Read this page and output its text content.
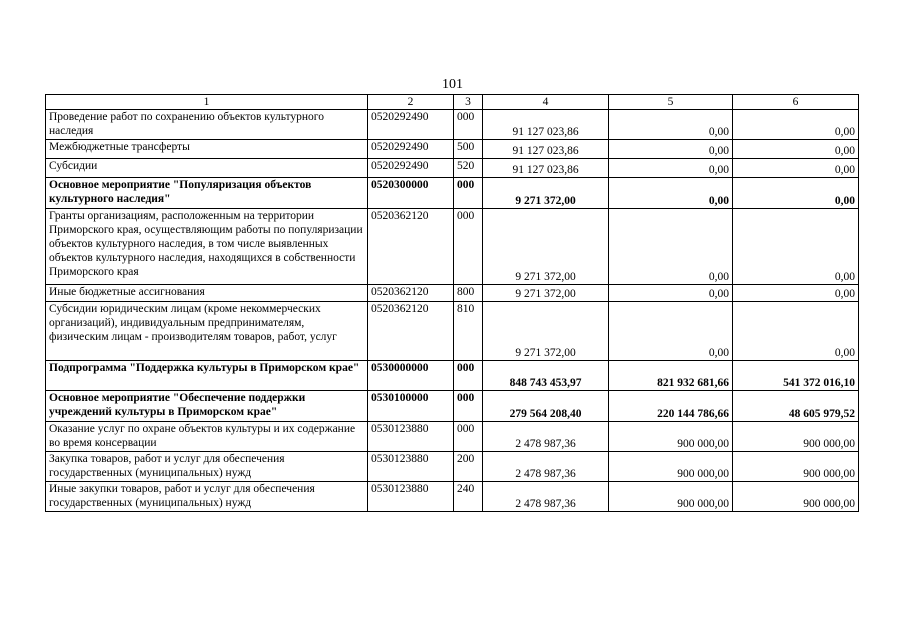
101
1	2	3	4	5	6
Проведение работ по сохранению объектов культурного наследия	0520292490	000	91 127 023,86	0,00	0,00
Межбюджетные трансферты	0520292490	500	91 127 023,86	0,00	0,00
Субсидии	0520292490	520	91 127 023,86	0,00	0,00
Основное мероприятие "Популяризация объектов культурного наследия"	0520300000	000	9 271 372,00	0,00	0,00
Гранты организациям, расположенным на территории Приморского края, осуществляющим работы по популяризации объектов культурного наследия, в том числе выявленных объектов культурного наследия, находящихся в собственности Приморского края	0520362120	000	9 271 372,00	0,00	0,00
Иные бюджетные ассигнования	0520362120	800	9 271 372,00	0,00	0,00
Субсидии юридическим лицам (кроме некоммерческих организаций), индивидуальным предпринимателям, физическим лицам - производителям товаров, работ, услуг	0520362120	810	9 271 372,00	0,00	0,00
Подпрограмма "Поддержка культуры в Приморском крае"	0530000000	000	848 743 453,97	821 932 681,66	541 372 016,10
Основное мероприятие "Обеспечение поддержки учреждений культуры в Приморском крае"	0530100000	000	279 564 208,40	220 144 786,66	48 605 979,52
Оказание услуг по охране объектов культуры и их содержание во время консервации	0530123880	000	2 478 987,36	900 000,00	900 000,00
Закупка товаров, работ и услуг для обеспечения государственных (муниципальных) нужд	0530123880	200	2 478 987,36	900 000,00	900 000,00
Иные закупки товаров, работ и услуг для обеспечения государственных (муниципальных) нужд	0530123880	240	2 478 987,36	900 000,00	900 000,00
